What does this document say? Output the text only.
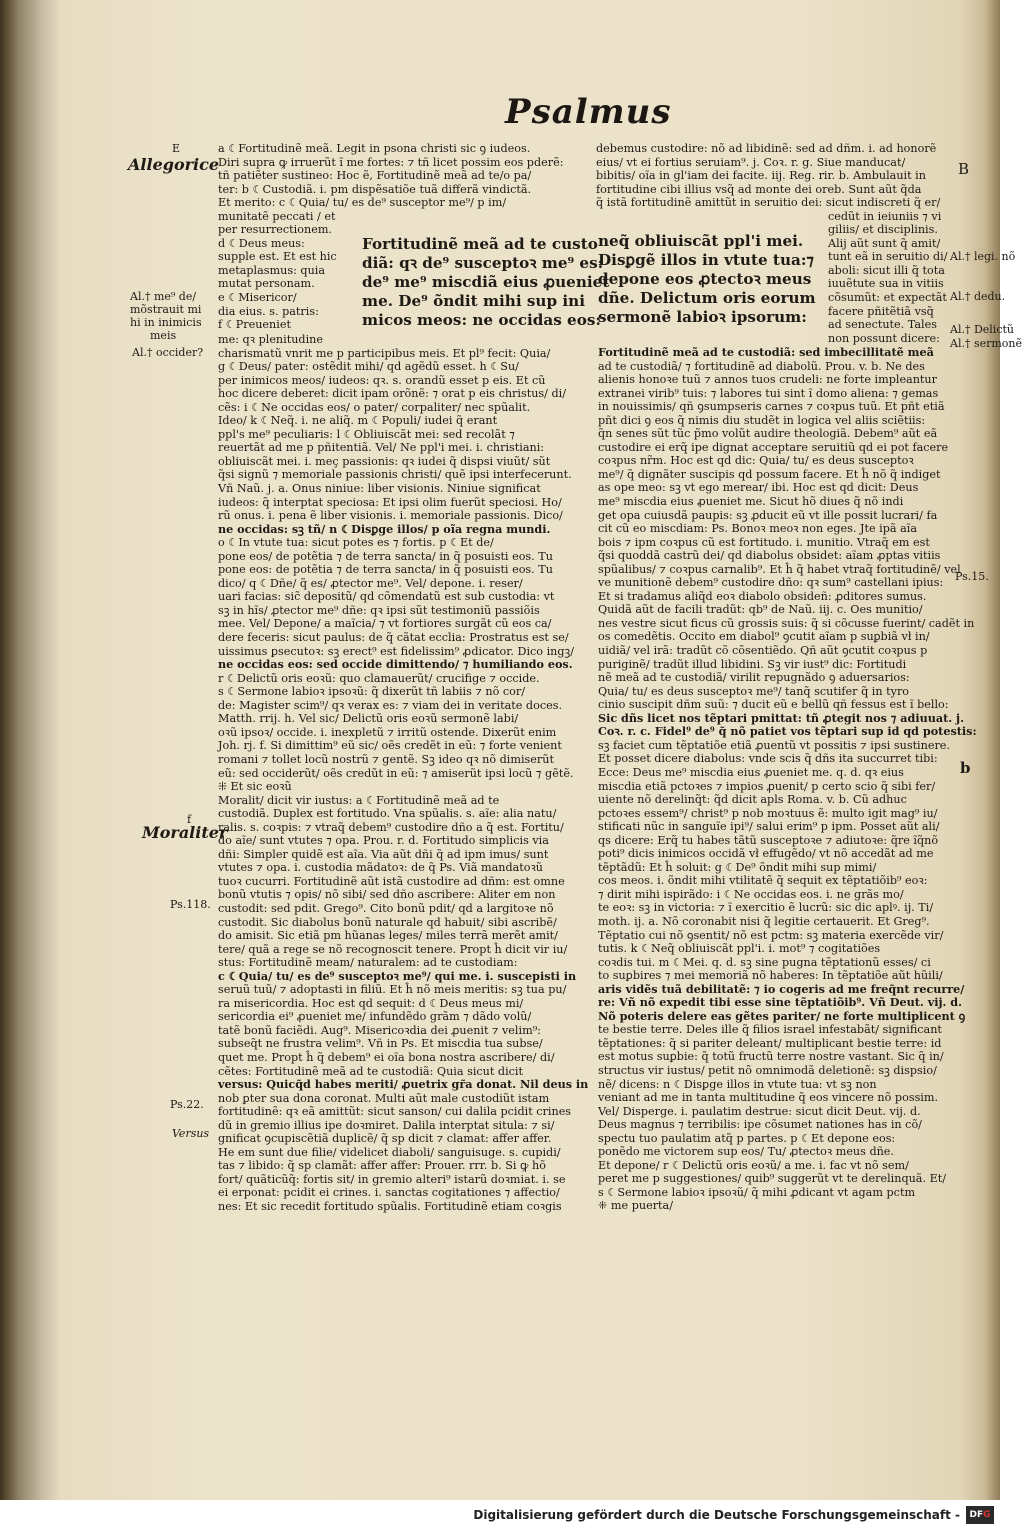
Psalmus
E
Allegorice
Al.† me⁹ de/
mõstrauit mi
hi in inimicis
meis
Al.† occider?
f
Moraliter
Ps.118.
Ps.22.
Versus
a ☾Fortitudinẽ meã. Legit in psona christi sic ꝯ iudeos.
Diri supra ꝙ irruerũt ĩ me fortes: ⁊ tñ licet possim eos pderẽ:
tñ patiẽter sustineo: Hoc ẽ, Fortitudinẽ meã ad te/o pa/
ter: b ☾Custodiã. i. pm dispẽsatiõe tuã differã vindictã.
Et merito: c ☾Quia/ tu/ es de⁹ susceptor me⁹/ p im/
munitatẽ peccati / et
per resurrectionem.
d ☾Deus meus:
supple est. Et est hic
metaplasmus: quia
mutat personam.
e ☾Misericor/
dia eius. s. patris:
f ☾Preueniet
Fortitudinẽ meã ad te custo
diã: qꝛ de⁹ susceptoꝛ me⁹ es:
de⁹ me⁹ miscdiã eius ꝓueniet
me. De⁹ õndit mihi sup ini
micos meos: ne occidas eos:
neq̃ obliuiscãt ppl'i mei.
Disꝑgẽ illos in vtute tua:⁊
depone eos ꝓtectoꝛ meus
dñe. Delictum oris eorum
sermonẽ labioꝛ ipsorum:
me: qꝛ plenitudine
charismatũ vnrit me p participibus meis. Et pl⁹ fecit: Quia/
g ☾Deus/ pater: ostẽdit mihi/ qd agẽdũ esset. h ☾Su/
per inimicos meos/ iudeos: qꝛ. s. orandũ esset p eis. Et cũ
hoc dicere deberet: dicit ipam orõnẽ: ⁊ orat p eis christus/ di/
cẽs: i ☾Ne occidas eos/ o pater/ corpaliter/ nec spũalit.
Ideo/ k ☾Neq̃. i. ne aliq̃. m ☾Populi/ iudei q̃ erant
ppl's me⁹ peculiaris: l ☾Obliuiscãt mei: sed recolãt ⁊
reuertãt ad me p pñitentiã. Vel/ Ne ppl'i mei. i. christiani:
obliuiscãt mei. i. meç passionis: qꝛ iudei q̃ dispsi viuũt/ sũt
q̃si signũ ⁊ memoriale passionis christi/ quẽ ipsi interfecerunt.
Vñ Naũ. j. a. Onus niniue: liber visionis. Niniue significat
iudeos: q̃ interptat speciosa: Et ipsi olim fuerũt speciosi. Ho/
rũ onus. i. pena ẽ liber visionis. i. memoriale passionis. Dico/
ne occidas: sꝫ tñ/ n ☾Disꝑge illos/ p oĩa regna mundi.
o ☾In vtute tua: sicut potes es ⁊ fortis. p ☾Et de/
pone eos/ de potẽtia ⁊ de terra sancta/ in q̃ posuisti eos. Tu
pone eos: de potẽtia ⁊ de terra sancta/ in q̃ posuisti eos. Tu
dico/ q ☾Dñe/ q̃ es/ ꝓtector me⁹. Vel/ depone. i. reser/
uari facias: sic̃ depositũ/ qd cõmendatũ est sub custodia: vt
sꝫ in hĩs/ ꝓtector me⁹ dñe: qꝛ ipsi sũt testimoniũ passiõis
mee. Vel/ Depone/ a maĩcia/ ⁊ vt fortiores surgãt cũ eos ca/
dere feceris: sicut paulus: de q̃ cãtat ecclia: Prostratus est se/
uissimus ꝑsecutoꝛ: sꝫ erect⁹ est fidelissim⁹ ꝓdicator. Dico ingꝫ/
ne occidas eos: sed occide dimittendo/ ⁊ humiliando eos.
r ☾Delictũ oris eoꝛũ: quo clamauerũt/ crucifige ⁊ occide.
s ☾Sermone labioꝛ ipsoꝛũ: q̃ dixerũt tñ labiis ⁊ nõ cor/
de: Magister scim⁹/ qꝛ verax es: ⁊ viam dei in veritate doces.
Matth. rrij. h. Vel sic/ Delictũ oris eoꝛũ sermonẽ labi/
oꝛũ ipsoꝛ/ occide. i. inexpletũ ⁊ irritũ ostende. Dixerũt enim
Joh. rj. f. Si dimittim⁹ eũ sic/ oẽs credẽt in eũ: ⁊ forte venient
romani ⁊ tollet locũ nostrũ ⁊ gentẽ. Sꝫ ideo qꝛ nõ dimiserũt
eũ: sed occiderũt/ oẽs credũt in eũ: ⁊ amiserũt ipsi locũ ⁊ gẽtẽ.
⁜ Et sic eoꝛũ
Moralit/ dicit vir iustus: a ☾Fortitudinẽ meã ad te
custodiã. Duplex est fortitudo. Vna spũalis. s. aĩe: alia natu/
ralis. s. coꝛpis: ⁊ vtraq̃ debem⁹ custodire dño a q̃ est. Fortitu/
do aĩe/ sunt vtutes ⁊ opa. Prou. r. d. Fortitudo simplicis via
dñi: Simpler quidẽ est aĩa. Via aũt dñi q̃ ad ipm imus/ sunt
vtutes ⁊ opa. i. custodia mãdatoꝛ: de q̃ Ps. Viã mandatoꝛũ
tuoꝛ cucurri. Fortitudinẽ aũt istã custodire ad dñm: est omne
bonũ vtutis ⁊ opis/ nõ sibi/ sed dño ascribere: Aliter em non
custodit: sed pdit. Grego⁹. Cito bonũ pdit/ qd a largitoꝛe nõ
custodit. Sic diabolus bonũ naturale qd habuit/ sibi ascribẽ/
do amisit. Sic etiã pm hũanas leges/ miles terrã merẽt amit/
tere/ quã a rege se nõ recognoscit tenere. Propt ĥ dicit vir iu/
stus: Fortitudinẽ meam/ naturalem: ad te custodiam:
c ☾Quia/ tu/ es de⁹ susceptoꝛ me⁹/ qui me. i. suscepisti in
seruũ tuũ/ ⁊ adoptasti in filiũ. Et ĥ nõ meis meritis: sꝫ tua pu/
ra misericordia. Hoc est qd sequit: d ☾Deus meus mi/
sericordia ei⁹ ꝓueniet me/ infundẽdo grãm ⁊ dãdo volũ/
tatẽ bonũ faciẽdi. Aug⁹. Misericoꝛdia dei ꝓuenit ⁊ velim⁹:
subseq̃t ne frustra velim⁹. Vñ in Ps. Et miscdia tua subse/
quet me. Propt ĥ q̃ debem⁹ ei oĩa bona nostra ascribere/ di/
cẽtes: Fortitudinẽ meã ad te custodiã: Quia sicut dicit
versus: Quicq̃d habes meriti/ ꝓuetrix gr̃a donat. Nil deus in
nob ꝑter sua dona coronat. Multi aũt male custodiũt istam
fortitudinẽ: qꝛ eã amittũt: sicut sanson/ cui dalila pcidit crines
dũ in gremio illius ipe doꝛmiret. Dalila interptat situla: ⁊ si/
gnificat ꝯcupiscẽtiã duplicẽ/ q̃ sp dicit ⁊ clamat: affer affer.
He em sunt due filie/ videlicet diaboli/ sanguisuge. s. cupidi/
tas ⁊ libido: q̃ sp clamãt: affer affer: Prouer. rrr. b. Si ꝙ hõ
fort/ quãticũq̃: fortis sit/ in gremio alteri⁹ istarũ doꝛmiat. i. se
ei erponat: pcidit ei crines. i. sanctas cogitationes ⁊ affectio/
nes: Et sic recedit fortitudo spũalis. Fortitudinẽ etiam coꝛgis
debemus custodire: nõ ad libidinẽ: sed ad dñm. i. ad honorẽ
eius/ vt ei fortius seruiam⁹. j. Coꝛ. r. g. Siue manducat/
bibitis/ oĩa in gl'iam dei facite. iij. Reg. rir. b. Ambulauit in
fortitudine cibi illius vsq̃ ad monte dei oreb. Sunt aũt q̃da
q̃ istã fortitudinẽ amittũt in seruitio dei: sicut indiscreti q̃ er/
cedũt in ieiuniis ⁊ vi
giliis/ et disciplinis.
Alij aũt sunt q̃ amit/
tunt eã in seruitio di/
aboli: sicut illi q̃ tota
iuuẽtute sua in vitiis
cõsumũt: et expectãt
facere pñitẽtiã vsq̃
ad senectute. Tales
non possunt dicere:
Fortitudinẽ meã ad te custodiã: sed imbecillitatẽ meã
ad te custodiã/ ⁊ fortitudinẽ ad diabolũ. Prou. v. b. Ne des
alienis honoꝛe tuũ ⁊ annos tuos crudeli: ne forte impleantur
extranei virib⁹ tuis: ⁊ labores tui sint ĩ domo aliena: ⁊ gemas
in nouissimis/ qñ ꝯsumpseris carnes ⁊ coꝛpus tuũ. Et pñt etiã
pñt dici ꝯ eos q̃ nimis diu studẽt in logica vel aliis sciẽtiis:
q̃n senes sũt tũc p̃mo volũt audire theologiã. Debem⁹ aũt eã
custodire ei erq̃ ipe dignat acceptare seruitiũ qd ei pot facere
coꝛpus nr̃m. Hoc est qd dic: Quia/ tu/ es deus susceptoꝛ
me⁹/ q̃ dignãter suscipis qd possum facere. Et ĥ nõ q̃ indiget
as ope meo: sꝫ vt ego merear/ ibi. Hoc est qd dicit: Deus
me⁹ miscdia eius ꝓueniet me. Sicut hõ diues q̃ nõ indi
get opa cuiusdã paupis: sꝫ ꝓducit eũ vt ille possit lucrari/ fa
cit cũ eo miscdiam: Ps. Bonoꝛ meoꝛ non eges. Jte ipã aĩa
bois ⁊ ipm coꝛpus cũ est fortitudo. i. munitio. Vtraq̃ em est
q̃si quoddã castrũ dei/ qd diabolus obsidet: aĩam ꝓptas vitiis
spũalibus/ ⁊ coꝛpus carnalib⁹. Et ĥ q̃ habet vtraq̃ fortitudinẽ/ vel
ve munitionẽ debem⁹ custodire dño: qꝛ sum⁹ castellani ipius:
Et si tradamus aliq̃d eoꝛ diabolo obsideñ: ꝓditores sumus.
Quidã aũt de facili tradũt: qb⁹ de Naũ. iij. c. Oes munitio/
nes vestre sicut ficus cũ grossis suis: q̃ si cõcusse fuerint/ cadẽt in
os comedẽtis. Occito em diabol⁹ ꝯcutit aĩam p suꝑbiã vł in/
uidiã/ vel irã: tradũt cõ cõsentiẽdo. Qñ aũt ꝯcutit coꝛpus p
puriginẽ/ tradũt illud libidini. Sꝫ vir iust⁹ dic: Fortitudi
nẽ meã ad te custodiã/ virilit repugnãdo ꝯ aduersarios:
Quia/ tu/ es deus susceptoꝛ me⁹/ tanq̃ scutifer q̃ in tyro
cinio suscipit dñm suũ: ⁊ ducit eũ e bellũ qñ fessus est ĩ bello:
Sic dñs licet nos tẽptari pmittat: tñ ꝓtegit nos ⁊ adiuuat. j.
Coꝛ. r. c. Fidel⁹ de⁹ q̃ nõ patiet vos tẽptari sup id qd potestis:
sꝫ faciet cum tẽptatiõe etiã ꝓuentũ vt possitis ⁊ ipsi sustinere.
Et posset dicere diabolus: vnde scis q̃ dñs ita succurret tibi:
Ecce: Deus me⁹ miscdia eius ꝓueniet me. q. d. qꝛ eius
miscdia etiã pctoꝛes ⁊ impios ꝓuenit/ p certo scio q̃ sibi fer/
uiente nõ derelinq̃t: q̃d dicit apls Roma. v. b. Cũ adhuc
pctoꝛes essem⁹/ christ⁹ p nob moꝛtuus ẽ: multo igit mag⁹ iu/
stificati nũc in sanguĩe ipi⁹/ salui erim⁹ p ipm. Posset aũt ali/
qs dicere: Erq̃ tu habes tãtũ susceptoꝛe ⁊ adiutoꝛe: q̃re ĩq̃nõ
poti⁹ dicis inimicos occidã vł effugẽdo/ vt nõ accedãt ad me
tẽptãdũ: Et ĥ soluit: g ☾De⁹ õndit mihi sup mimi/
cos meos. i. õndit mihi vtilitatẽ q̃ sequit ex tẽptatiõib⁹ eoꝛ:
⁊ dirit mihi ispirãdo: i ☾Ne occidas eos. i. ne grãs mo/
te eoꝛ: sꝫ in victoria: ⁊ ĩ exercitio ẽ lucrũ: sic dic aplꝰ. ij. Ti/
moth. ij. a. Nõ coronabit nisi q̃ legitie certauerit. Et Greg⁹.
Tẽptatio cui nõ ꝯsentit/ nõ est pctm: sꝫ materia exercẽde vir/
tutis. k ☾Neq̃ obliuiscãt ppl'i. i. mot⁹ ⁊ cogitatiões
coꝛdis tui. m ☾Mei. q. d. sꝫ sine pugna tẽptationũ esses/ ci
to suꝑbires ⁊ mei memoriã nõ haberes: In tẽptatiõe aũt hũili/
aris vidẽs tuã debilitatẽ: ⁊ io cogeris ad me freq̃nt recurre/
re: Vñ nõ expedit tibi esse sine tẽptatiõib⁹. Vñ Deut. vij. d.
Nõ poteris delere eas gẽtes pariter/ ne forte multiplicent ꝯ
te bestie terre. Deles ille q̃ filios israel infestabãt/ significant
tẽptationes: q̃ si pariter deleant/ multiplicant bestie terre: id
est motus suꝑbie: q̃ totũ fructũ terre nostre vastant. Sic q̃ in/
structus vir iustus/ petit nõ omnimodã deletionẽ: sꝫ dispsio/
nẽ/ dicens: n ☾Disꝑge illos in vtute tua: vt sꝫ non
veniant ad me in tanta multitudine q̃ eos vincere nõ possim.
Vel/ Disperge. i. paulatim destrue: sicut dicit Deut. vij. d.
Deus magnus ⁊ terribilis: ipe cõsumet nationes has in cõ/
spectu tuo paulatim atq̃ p partes. p ☾Et depone eos:
ponẽdo me victorem sup eos/ Tu/ ꝓtectoꝛ meus dñe.
Et depone/ r ☾Delictũ oris eoꝛũ/ a me. i. fac vt nõ sem/
peret me p suggestiones/ quib⁹ suggerũt vt te derelinquã. Et/
s ☾Sermone labioꝛ ipsoꝛũ/ q̃ mihi ꝓdicant vt agam pctm
⁜ me puerta/
B
Al.† legi. nõ
Al.† dedu.
Al.† Delictũ
Al.† sermonẽ
Ps.15.
b
Digitalisierung gefördert durch die Deutsche Forschungsgemeinschaft -	DFG
